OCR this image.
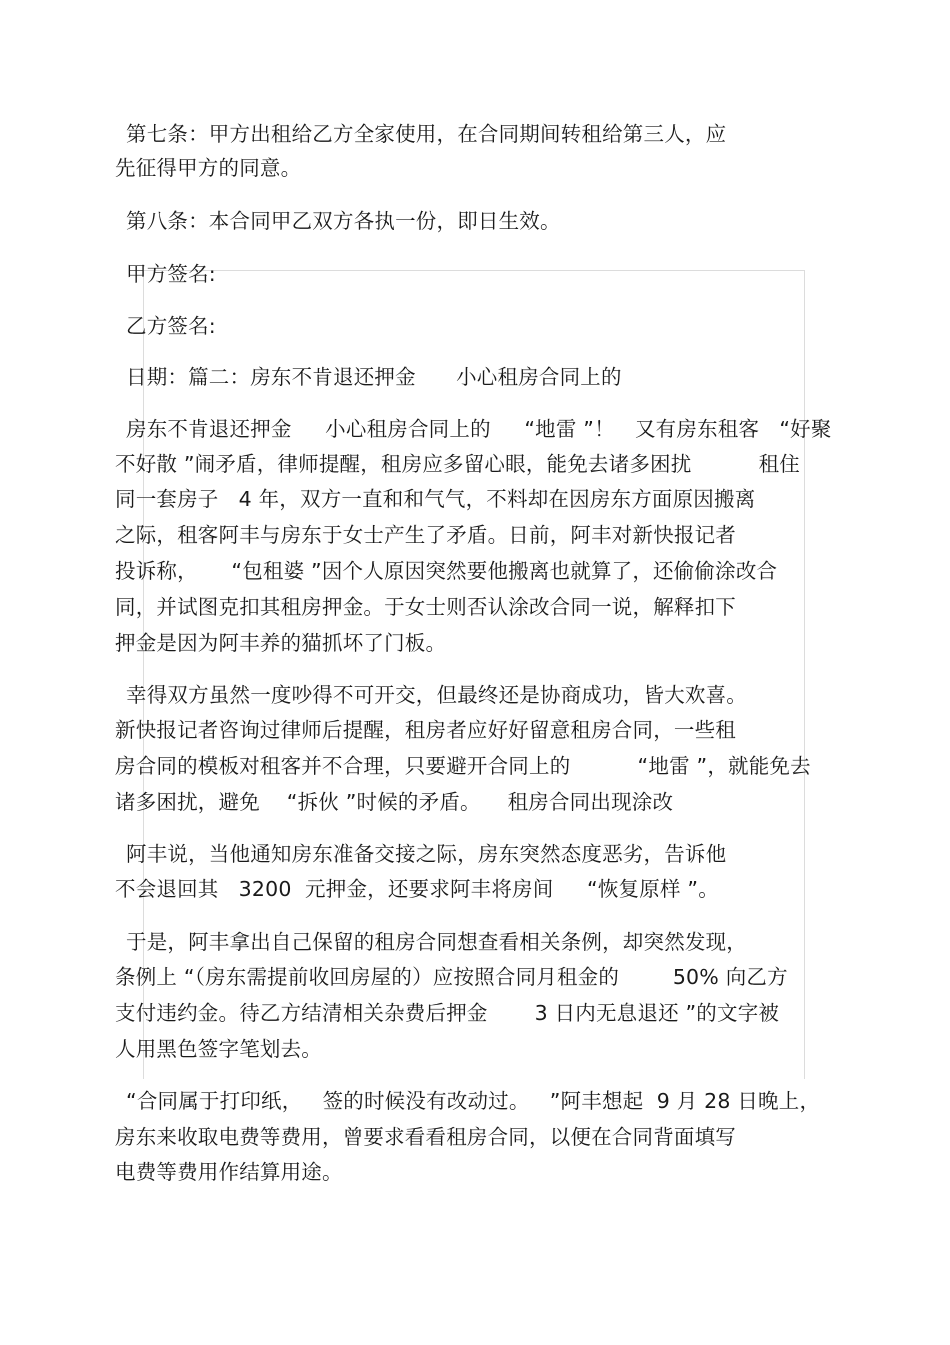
第七条：甲方出租给乙方全家使用，在合同期间转租给第三人，应
先征得甲方的同意。
第八条：本合同甲乙双方各执一份，即日生效。
甲方签名:
乙方签名:
日期：篇二：房东不肯退还押金      小心租房合同上的
房东不肯退还押金     小心租房合同上的     “地雷 ”！   又有房东租客   “好聚
不好散 ”闹矛盾，律师提醒，租房应多留心眼，能免去诸多困扰          租住
同一套房子   4 年，双方一直和和气气，不料却在因房东方面原因搬离
之际，租客阿丰与房东于女士产生了矛盾。日前，阿丰对新快报记者
投诉称，     “包租婆 ”因个人原因突然要他搬离也就算了，还偷偷涂改合
同，并试图克扣其租房押金。于女士则否认涂改合同一说，解释扣下
押金是因为阿丰养的猫抓坏了门板。
幸得双方虽然一度吵得不可开交，但最终还是协商成功，皆大欢喜。
新快报记者咨询过律师后提醒，租房者应好好留意租房合同，一些租
房合同的模板对租客并不合理，只要避开合同上的          “地雷 ”，就能免去
诸多困扰，避免    “拆伙 ”时候的矛盾。    租房合同出现涂改
阿丰说，当他通知房东准备交接之际，房东突然态度恶劣，告诉他
不会退回其   3200  元押金，还要求阿丰将房间     “恢复原样 ”。
于是，阿丰拿出自己保留的租房合同想查看相关条例，却突然发现，
条例上 “（房东需提前收回房屋的）应按照合同月租金的        50% 向乙方
支付违约金。待乙方结清相关杂费后押金       3 日内无息退还 ”的文字被
人用黑色签字笔划去。
“合同属于打印纸，   签的时候没有改动过。   ”阿丰想起  9 月 28 日晚上，
房东来收取电费等费用，曾要求看看租房合同，以便在合同背面填写
电费等费用作结算用途。
